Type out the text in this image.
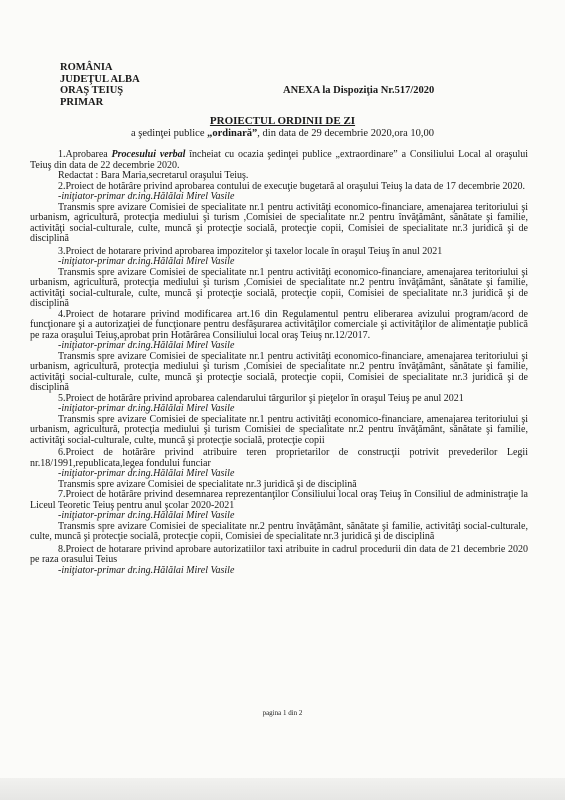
ROMÂNIA
JUDEŢUL ALBA
ORAŞ TEIUŞ
PRIMAR
ANEXA la Dispoziţia Nr.517/2020
PROIECTUL ORDINII DE ZI
a şedinţei publice „ordinară”, din data de 29 decembrie 2020,ora 10,00

1.Aprobarea Procesului verbal încheiat cu ocazia şedinţei publice „extraordinare” a Consiliului Local al oraşului Teiuş din data de 22 decembrie 2020.

Redactat : Bara Maria,secretarul oraşului Teiuş.

2.Proiect de hotărâre privind aprobarea contului de execuţie bugetară al oraşului Teiuş la data de 17 decembrie 2020.

-iniţiator-primar dr.ing.Hălălai Mirel Vasile

Transmis spre avizare Comisiei de specialitate nr.1 pentru activităţi economico-financiare, amenajarea teritoriului şi urbanism, agricultură, protecţia mediului şi turism ,Comisiei de specialitate nr.2 pentru învăţământ, sănătate şi familie, activităţi social-culturale, culte, muncă şi protecţie socială, protecţie copii, Comisiei de specialitate nr.3 juridică şi de disciplină

3.Proiect de hotarare privind aprobarea impozitelor şi taxelor locale în oraşul Teiuş în anul 2021

-iniţiator-primar dr.ing.Hălălai Mirel Vasile

Transmis spre avizare Comisiei de specialitate nr.1 pentru activităţi economico-financiare, amenajarea teritoriului şi urbanism, agricultură, protecţia mediului şi turism ,Comisiei de specialitate nr.2 pentru învăţământ, sănătate şi familie, activităţi social-culturale, culte, muncă şi protecţie socială, protecţie copii, Comisiei de specialitate nr.3 juridică şi de disciplină

4.Proiect de hotarare privind modificarea art.16 din Regulamentul pentru eliberarea avizului program/acord de funcţionare şi a autorizaţiei de funcţionare pentru desfăşurarea activităţilor comerciale şi activităţilor de alimentaţie publică pe raza oraşului Teiuş,aprobat prin Hotărârea Consiliului local oraş Teiuş nr.12/2017.

-iniţiator-primar dr.ing.Hălălai Mirel Vasile

Transmis spre avizare Comisiei de specialitate nr.1 pentru activităţi economico-financiare, amenajarea teritoriului şi urbanism, agricultură, protecţia mediului şi turism ,Comisiei de specialitate nr.2 pentru învăţământ, sănătate şi familie, activităţi social-culturale, culte, muncă şi protecţie socială, protecţie copii, Comisiei de specialitate nr.3 juridică şi de disciplină

5.Proiect de hotărâre privind aprobarea calendarului târgurilor şi pieţelor în oraşul Teiuş pe anul 2021

-iniţiator-primar dr.ing.Hălălai Mirel Vasile

Transmis spre avizare Comisiei de specialitate nr.1 pentru activităţi economico-financiare, amenajarea teritoriului şi urbanism, agricultură, protecţia mediului şi turism Comisiei de specialitate nr.2 pentru învăţământ, sănătate şi familie, activităţi social-culturale, culte, muncă şi protecţie socială, protecţie copii

6.Proiect de hotărâre privind atribuire teren proprietarilor de construcţii potrivit prevederilor Legii nr.18/1991,republicata,legea fondului funciar

-iniţiator-primar dr.ing.Hălălai Mirel Vasile

Transmis spre avizare Comisiei de specialitate nr.3 juridică şi de disciplină

7.Proiect de hotărâre privind desemnarea reprezentanţilor Consiliului local oraş Teiuş în Consiliul de administraţie la Liceul Teoretic Teiuş pentru anul şcolar 2020-2021

-iniţiator-primar dr.ing.Hălălai Mirel Vasile

Transmis spre avizare Comisiei de specialitate nr.2 pentru învăţământ, sănătate şi familie, activităţi social-culturale, culte, muncă şi protecţie socială, protecţie copii, Comisiei de specialitate nr.3 juridică şi de disciplină

8.Proiect de hotarare privind aprobare autorizatiilor taxi atribuite in cadrul procedurii din data de 21 decembrie 2020 pe raza orasului Teius

-iniţiator-primar dr.ing.Hălălai Mirel Vasile

pagina 1 din 2
